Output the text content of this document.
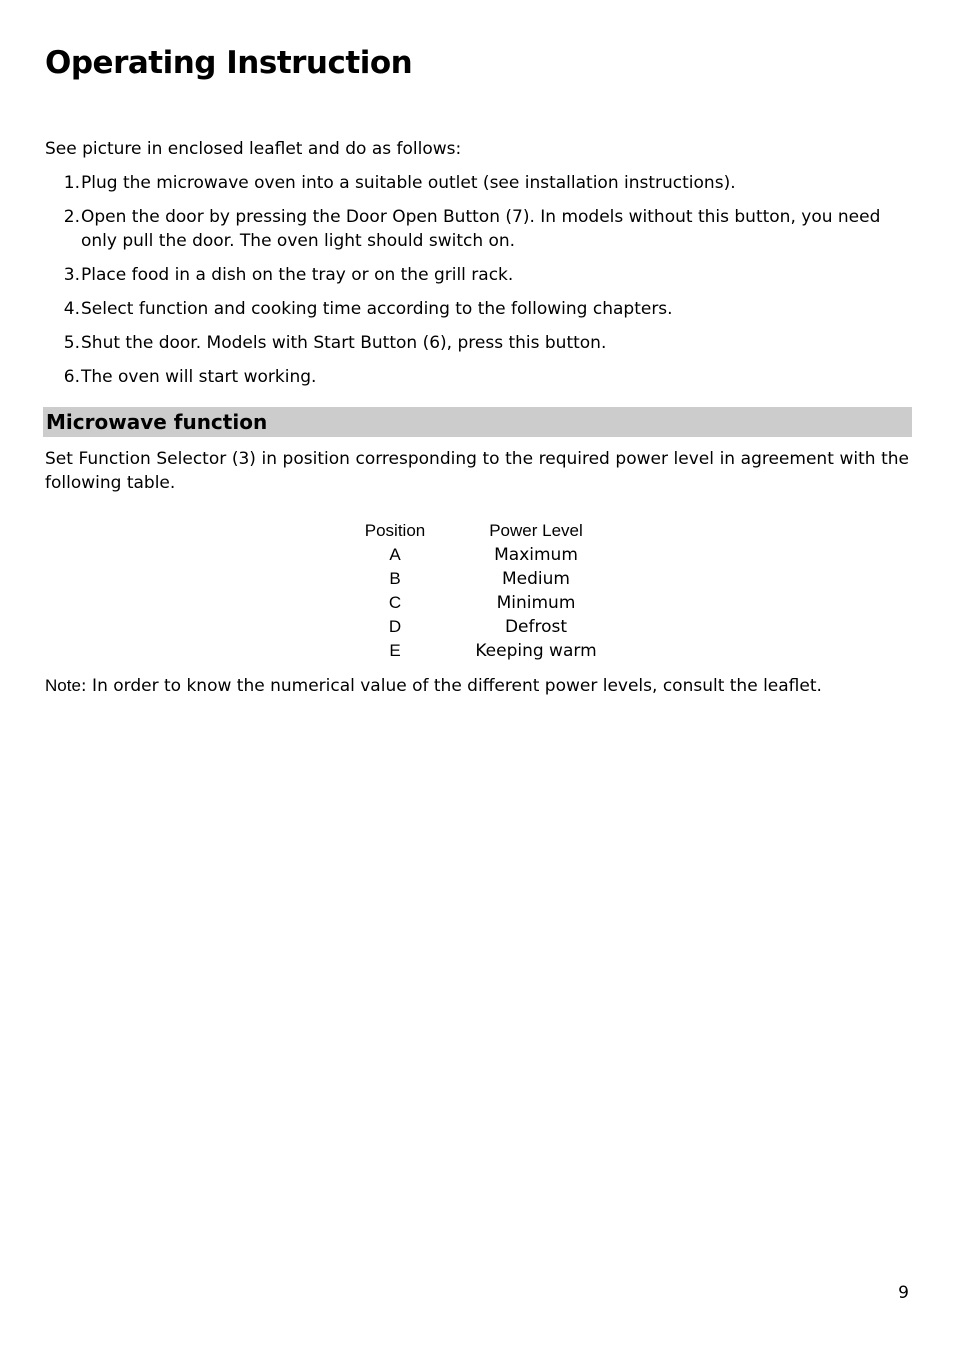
Operating Instruction
See picture in enclosed leaflet and do as follows:
1. Plug the microwave oven into a suitable outlet (see installation instructions).
2. Open the door by pressing the Door Open Button (7). In models without this button, you need only pull the door. The oven light should switch on.
3. Place food in a dish on the tray or on the grill rack.
4. Select function and cooking time according to the following chapters.
5. Shut the door. Models with Start Button (6), press this button.
6. The oven will start working.
Microwave function
Set Function Selector (3) in position corresponding to the required power level in agreement with the following table.
Position	Power Level
A	Maximum
B	Medium
C	Minimum
D	Defrost
E	Keeping warm
Note: In order to know the numerical value of the different power levels, consult the leaflet.
9
